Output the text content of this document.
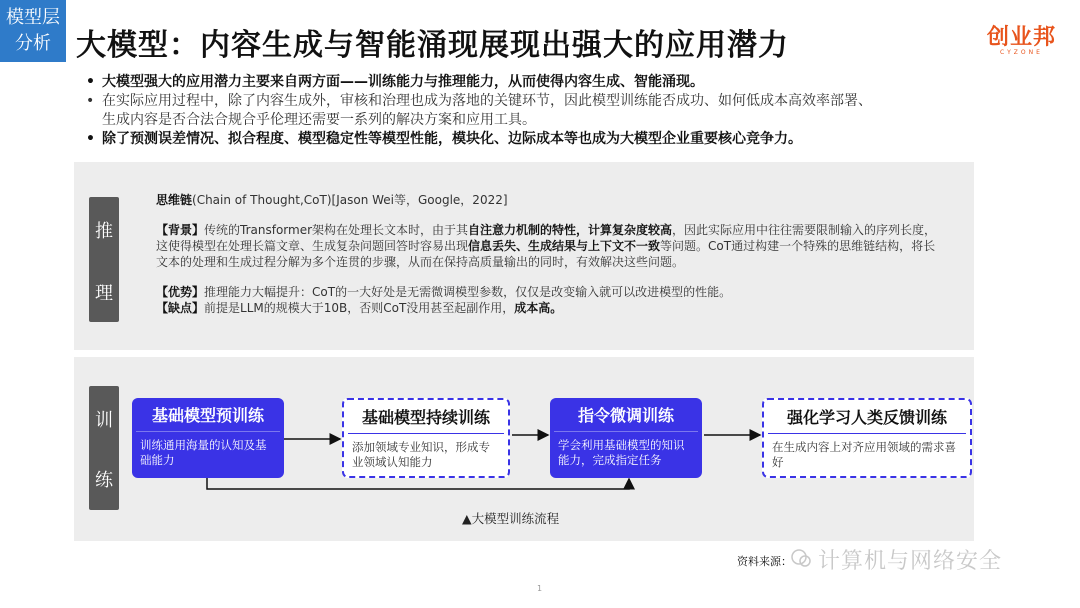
模型层
分析 大模型：内容生成与智能涌现展现出强大的应用潜力	创业邦
CYZONE
• 大模型强大的应用潜力主要来自两方面——训练能力与推理能力，从而使得内容生成、智能涌现。
• 在实际应用过程中，除了内容生成外，审核和治理也成为落地的关键环节，因此模型训练能否成功、如何低成本高效率部署、
生成内容是否合法合规合乎伦理还需要一系列的解决方案和应用工具。
• 除了预测误差情况、拟合程度、模型稳定性等模型性能，模块化、边际成本等也成为大模型企业重要核心竞争力。
推
理
思维链(Chain of Thought,CoT)[Jason Wei等，Google，2022]

【背景】传统的Transformer架构在处理长文本时，由于其自注意力机制的特性，计算复杂度较高，因此实际应用中往往需要限制输入的序列长度，这使得模型在处理长篇文章、生成复杂问题回答时容易出现信息丢失、生成结果与上下文不一致等问题。CoT通过构建一个特殊的思维链结构，将长文本的处理和生成过程分解为多个连贯的步骤，从而在保持高质量输出的同时，有效解决这些问题。

【优势】推理能力大幅提升：CoT的一大好处是无需微调模型参数，仅仅是改变输入就可以改进模型的性能。

【缺点】前提是LLM的规模大于10B，否则CoT没用甚至起副作用，成本高。

训
练
基础模型预训练
训练通用海量的认知及基础能力
基础模型持续训练
添加领域专业知识，形成专业领域认知能力
指令微调训练
学会利用基础模型的知识能力，完成指定任务
强化学习人类反馈训练
在生成内容上对齐应用领域的需求喜好
▲大模型训练流程
资料来源： 计算机与网络安全
1
